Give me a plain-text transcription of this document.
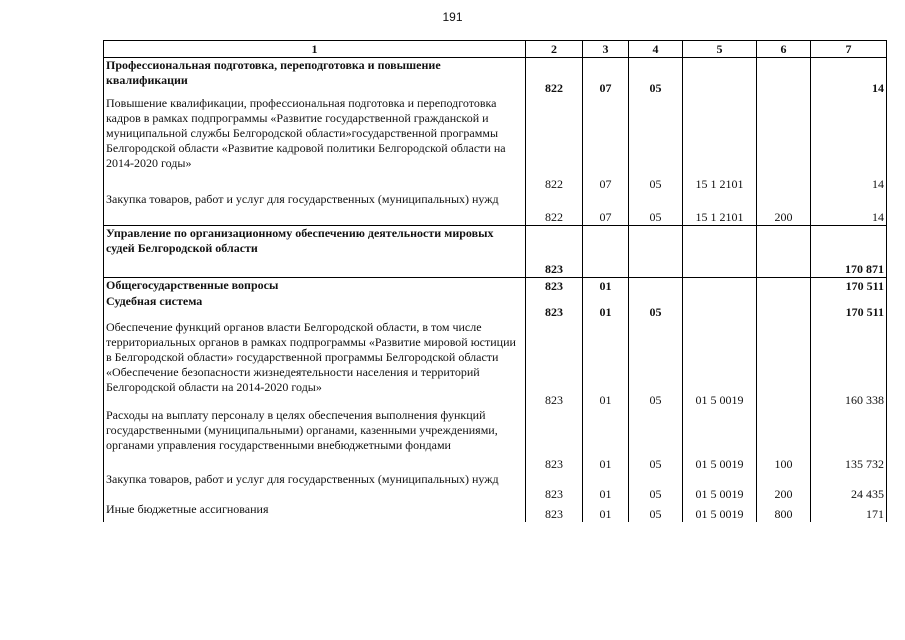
191
1	2	3	4	5	6	7
Профессиональная подготовка, переподготовка и повышение квалификации	822	07	05			14
Повышение квалификации, профессиональная подготовка и переподготовка кадров в рамках подпрограммы «Развитие государственной гражданской и муниципальной службы Белгородской области»государственной программы Белгородской области «Развитие кадровой политики Белгородской области на 2014-2020 годы»	822	07	05	15 1 2101		14
Закупка товаров, работ и услуг для государственных (муниципальных) нужд	822	07	05	15 1 2101	200	14
Управление по организационному обеспечению деятельности мировых судей Белгородской области	823					170 871
Общегосударственные вопросы	823	01				170 511
Судебная система	823	01	05			170 511
Обеспечение функций органов власти Белгородской области, в том числе территориальных органов в рамках подпрограммы «Развитие мировой юстиции в Белгородской области» государственной программы Белгородской области «Обеспечение безопасности жизнедеятельности населения и территорий Белгородской области на 2014-2020 годы»	823	01	05	01 5 0019		160 338
Расходы на выплату персоналу в целях обеспечения выполнения функций государственными (муниципальными) органами, казенными учреждениями, органами управления государственными внебюджетными фондами	823	01	05	01 5 0019	100	135 732
Закупка товаров, работ и услуг для государственных (муниципальных) нужд	823	01	05	01 5 0019	200	24 435
Иные бюджетные ассигнования	823	01	05	01 5 0019	800	171
